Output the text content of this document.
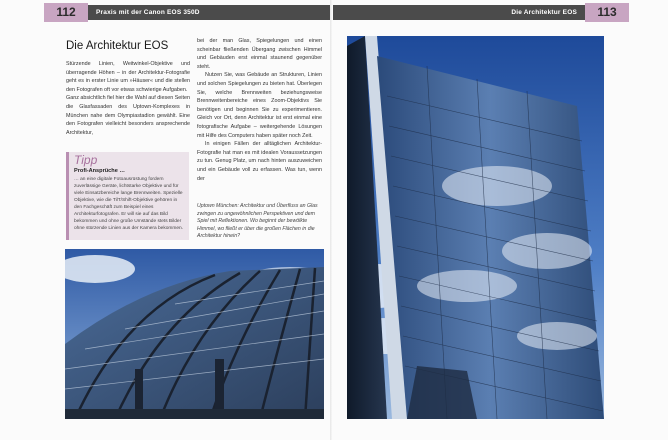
Praxis mit der Canon EOS 350D
112
Die Architektur EOS

Stürzende Linien, Weitwinkel-Objektive und überragende Höhen – in der Architektur-Fotografie geht es in erster Linie um »Häuser« und die stellen den Fotografen oft vor etwas schwierige Aufgaben.

Ganz absichtlich fiel hier die Wahl auf diesen Seiten die Glasfassaden des Uptown-Komplexes in München nahe dem Olympiastadion gewählt. Eine den Fotografen vielleicht besonders ansprechende Architektur,

Tipp
Profi-Ansprüche …
… an eine digitale Fotoausrüstung fordern zuverlässige Geräte, lichtstarke Objektive und für viele Einsatzbereiche lange Brennweiten. Spezielle Objektive, wie die TilT/Shift-Objektive gehören in den Fachgeschäft zum Beispiel eines Architekturfotografen. Er will sie auf das Bild bekommen und ohne große Umstände stets Bilder ohne stürzende Linien aus der Kamera bekommen.

bei der man Glas, Spiegelungen und einen scheinbar fließenden Übergang zwischen Himmel und Gebäuden erst einmal staunend gegenüber steht.

Nutzen Sie, was Gebäude an Strukturen, Linien und solchen Spiegelungen zu bieten hat. Überlegen Sie, welche Brennweiten beziehungsweise Brennweitenbereiche eines Zoom-Objektivs Sie benötigen und beginnen Sie zu experimentieren. Gleich vor Ort, denn Architektur ist erst einmal eine fotografische Aufgabe – weitergehende Lösungen mit Hilfe des Computers haben später noch Zeit.

In einigen Fällen der alltäglichen Architektur-Fotografie hat man es mit idealen Voraussetzungen zu tun. Genug Platz, um nach hinten auszuweichen und ein Gebäude voll zu erfassen. Was tun, wenn der

Uptown München: Architektur und Überfluss an Glas zwingen zu ungewöhnlichen Perspektiven und dem Spiel mit Reflektionen. Wo beginnt der bewölkte Himmel, wo fließt er über die großen Flächen in die Architektur hinein?
Die Architektur EOS	113
